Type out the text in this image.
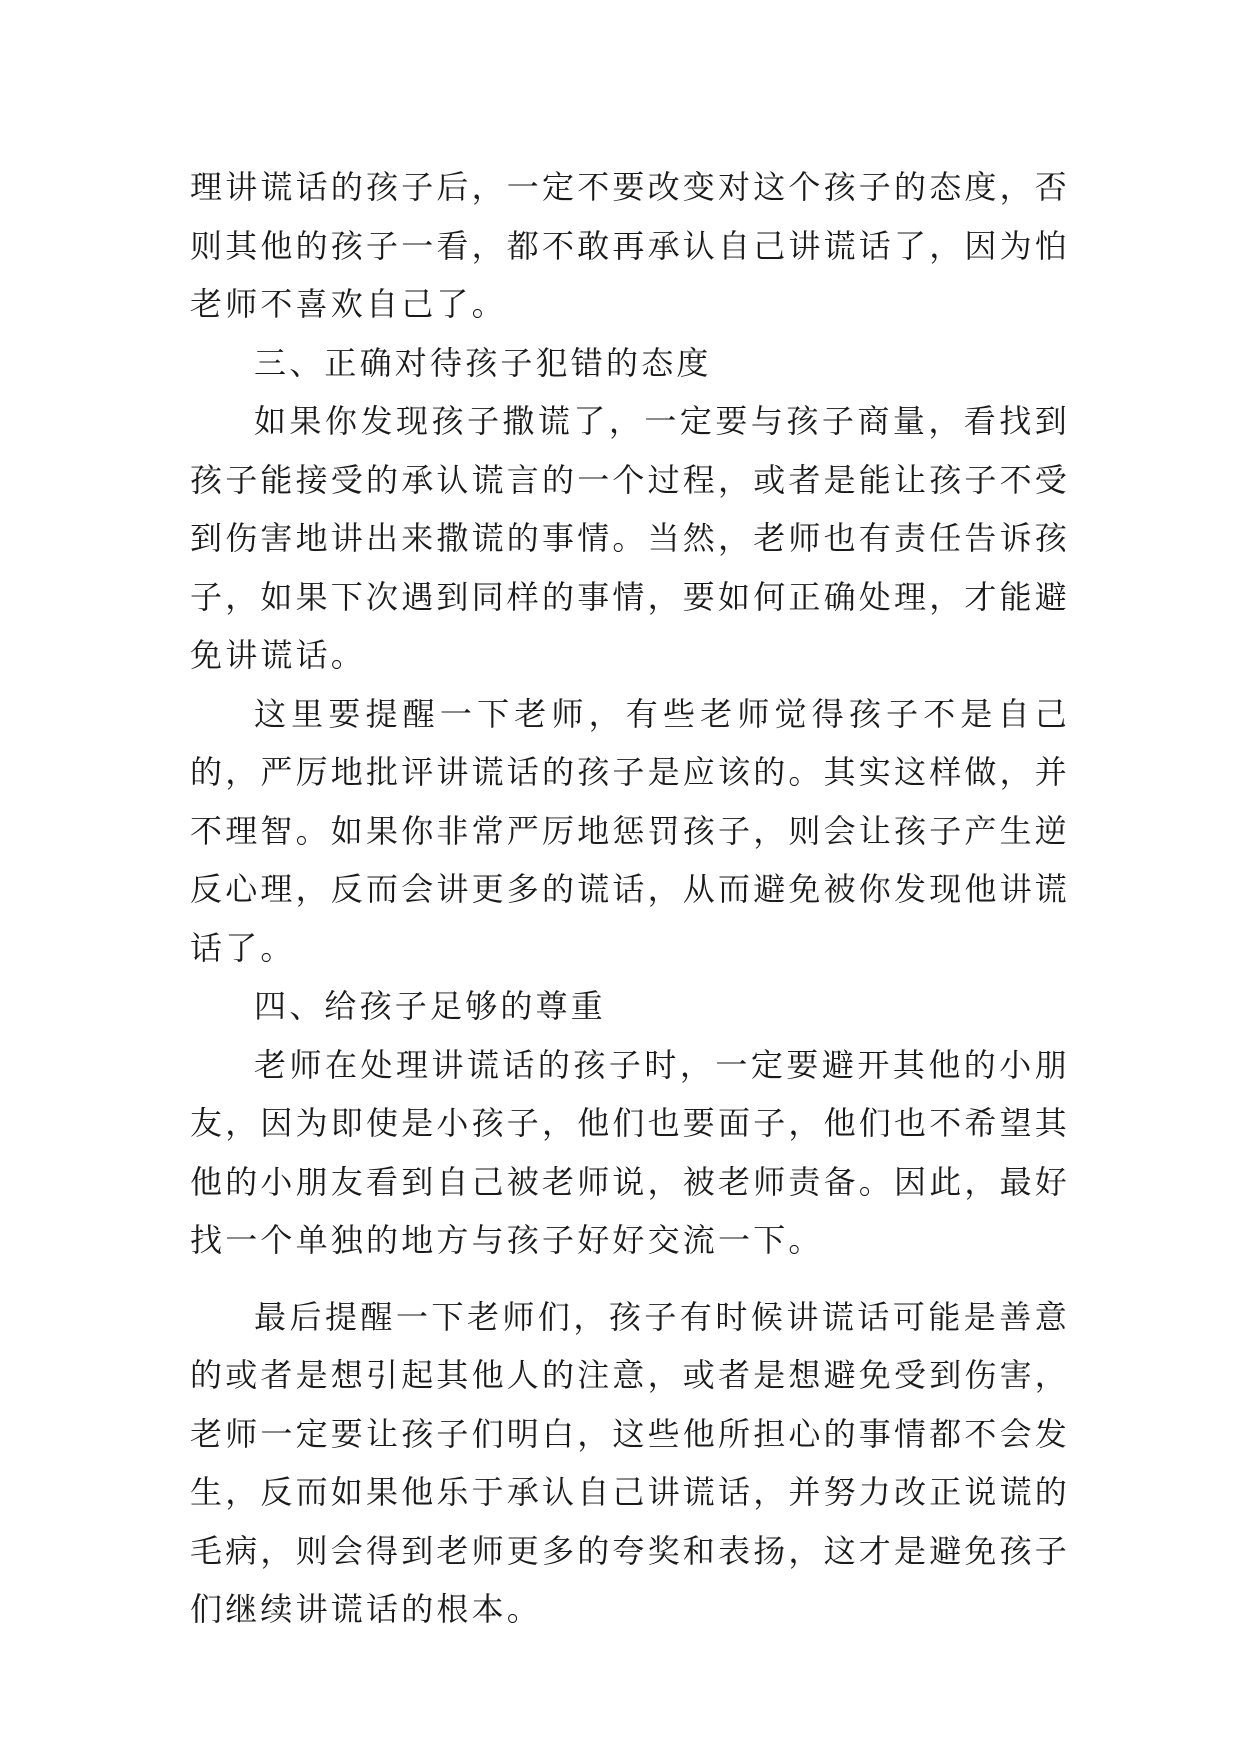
理讲谎话的孩子后，一定不要改变对这个孩子的态度，否则其他的孩子一看，都不敢再承认自己讲谎话了，因为怕老师不喜欢自己了。

三、正确对待孩子犯错的态度

如果你发现孩子撒谎了，一定要与孩子商量，看找到孩子能接受的承认谎言的一个过程，或者是能让孩子不受到伤害地讲出来撒谎的事情。当然，老师也有责任告诉孩子，如果下次遇到同样的事情，要如何正确处理，才能避免讲谎话。

这里要提醒一下老师，有些老师觉得孩子不是自己的，严厉地批评讲谎话的孩子是应该的。其实这样做，并不理智。如果你非常严厉地惩罚孩子，则会让孩子产生逆反心理，反而会讲更多的谎话，从而避免被你发现他讲谎话了。

四、给孩子足够的尊重

老师在处理讲谎话的孩子时，一定要避开其他的小朋友，因为即使是小孩子，他们也要面子，他们也不希望其他的小朋友看到自己被老师说，被老师责备。因此，最好找一个单独的地方与孩子好好交流一下。

最后提醒一下老师们，孩子有时候讲谎话可能是善意的或者是想引起其他人的注意，或者是想避免受到伤害，老师一定要让孩子们明白，这些他所担心的事情都不会发生，反而如果他乐于承认自己讲谎话，并努力改正说谎的毛病，则会得到老师更多的夸奖和表扬，这才是避免孩子们继续讲谎话的根本。
